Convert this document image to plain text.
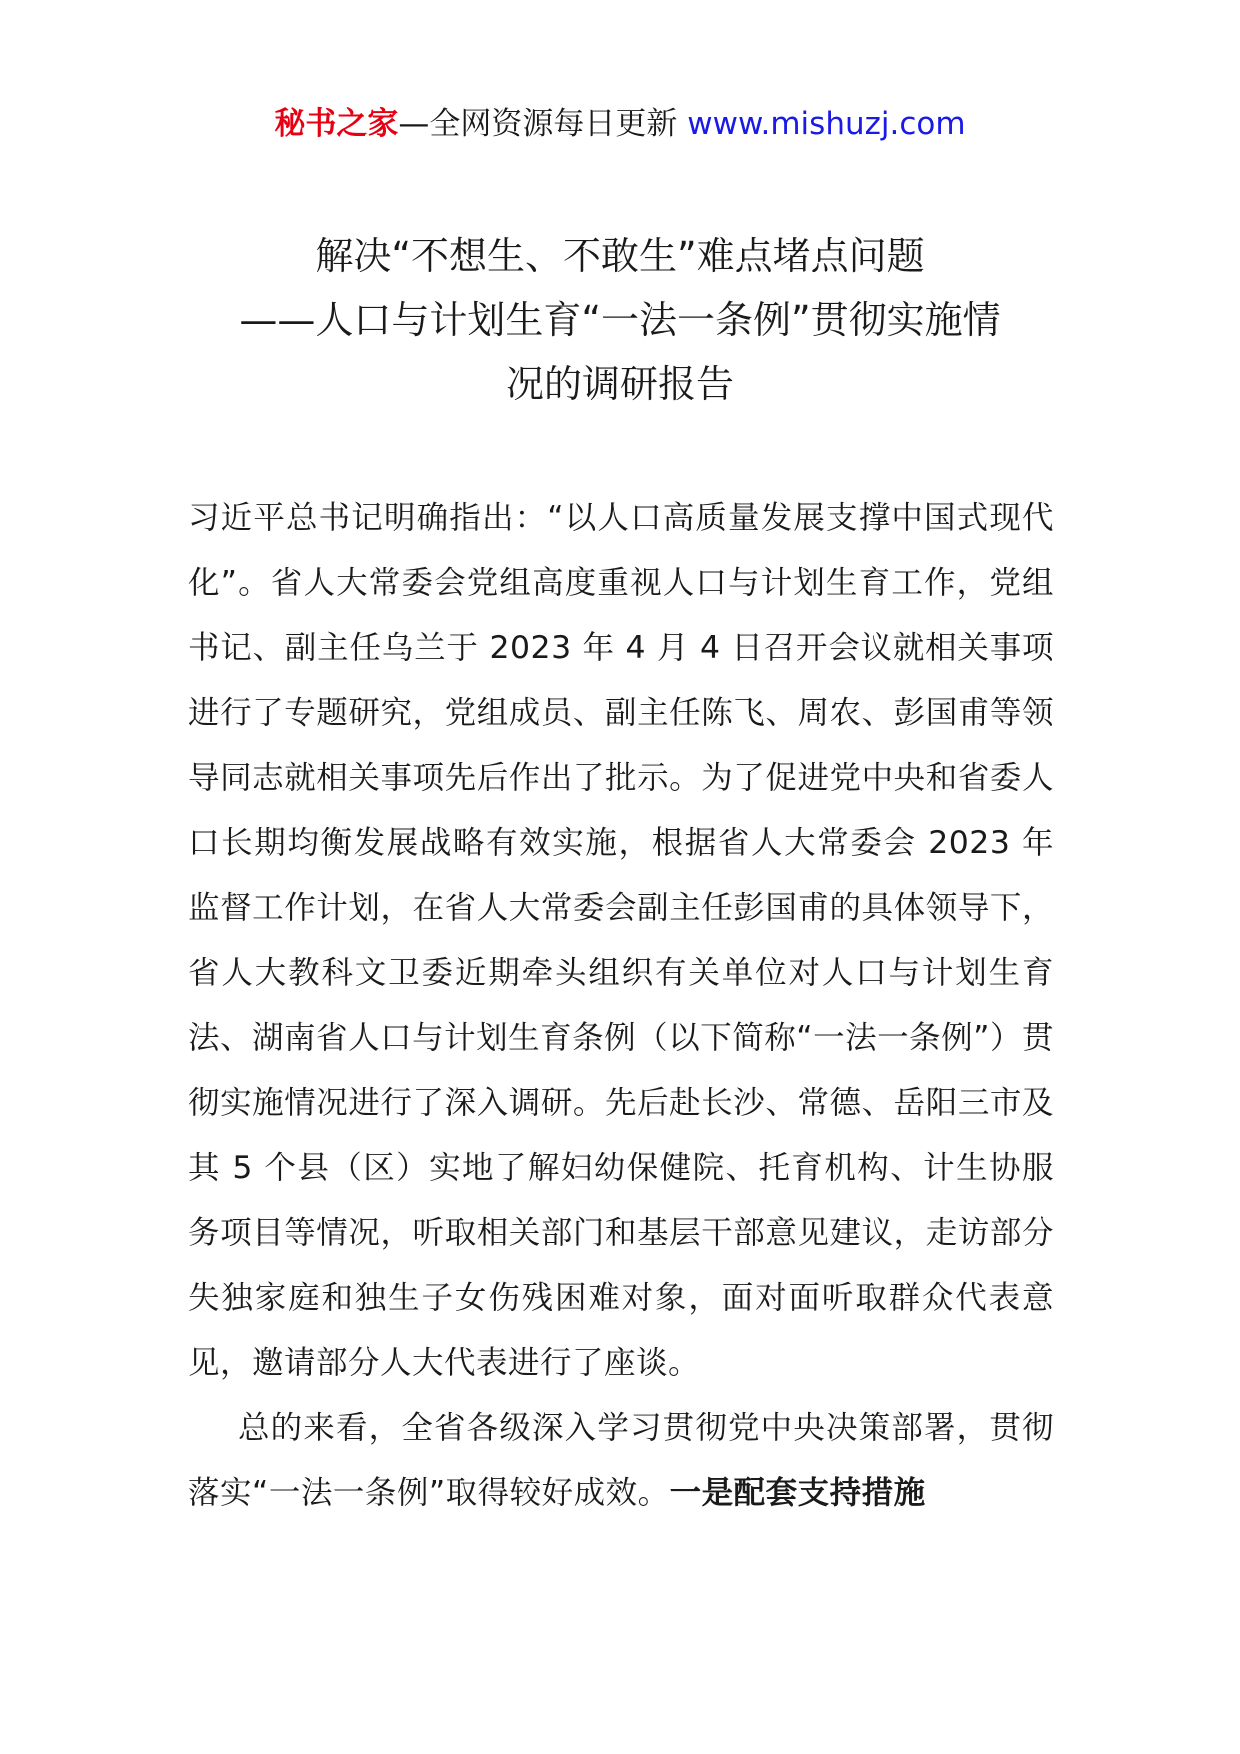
秘书之家—全网资源每日更新 www.mishuzj.com
解决“不想生、不敢生”难点堵点问题
——人口与计划生育“一法一条例”贯彻实施情
况的调研报告

习近平总书记明确指出：“以人口高质量发展支撑中国式现代化”。省人大常委会党组高度重视人口与计划生育工作，党组书记、副主任乌兰于 2023 年 4 月 4 日召开会议就相关事项进行了专题研究，党组成员、副主任陈飞、周农、彭国甫等领导同志就相关事项先后作出了批示。为了促进党中央和省委人口长期均衡发展战略有效实施，根据省人大常委会 2023 年监督工作计划，在省人大常委会副主任彭国甫的具体领导下，省人大教科文卫委近期牵头组织有关单位对人口与计划生育法、湖南省人口与计划生育条例（以下简称“一法一条例”）贯彻实施情况进行了深入调研。先后赴长沙、常德、岳阳三市及其 5 个县（区）实地了解妇幼保健院、托育机构、计生协服务项目等情况，听取相关部门和基层干部意见建议，走访部分失独家庭和独生子女伤残困难对象，面对面听取群众代表意见，邀请部分人大代表进行了座谈。

总的来看，全省各级深入学习贯彻党中央决策部署，贯彻落实“一法一条例”取得较好成效。一是配套支持措施
